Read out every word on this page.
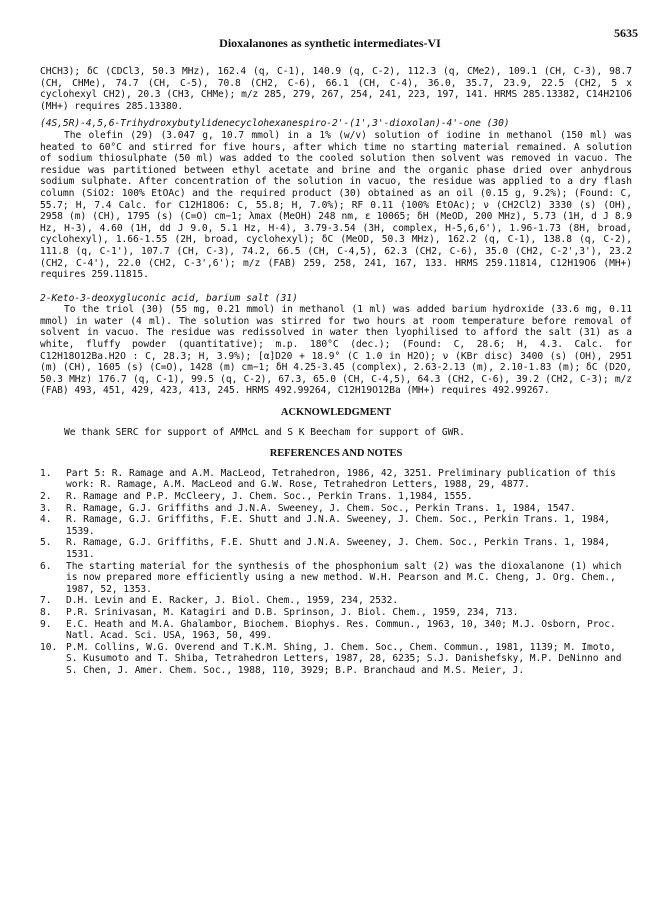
Dioxalanones as synthetic intermediates-VI
5635

CHCH3); δC (CDCl3, 50.3 MHz), 162.4 (q, C-1), 140.9 (q, C-2), 112.3 (q, CMe2), 109.1 (CH, C-3), 98.7 (CH, CHMe), 74.7 (CH, C-5), 70.8 (CH2, C-6), 66.1 (CH, C-4), 36.0, 35.7, 23.9, 22.5 (CH2, 5 x cyclohexyl CH2), 20.3 (CH3, CHMe); m/z 285, 279, 267, 254, 241, 223, 197, 141. HRMS 285.13382, C14H21O6 (MH+) requires 285.13380.

(4S,5R)-4,5,6-Trihydroxybutylidenecyclohexanespiro-2'-(1',3'-dioxolan)-4'-one (30)

The olefin (29) (3.047 g, 10.7 mmol) in a 1% (w/v) solution of iodine in methanol (150 ml) was heated to 60°C and stirred for five hours, after which time no starting material remained. A solution of sodium thiosulphate (50 ml) was added to the cooled solution then solvent was removed in vacuo. The residue was partitioned between ethyl acetate and brine and the organic phase dried over anhydrous sodium sulphate. After concentration of the solution in vacuo, the residue was applied to a dry flash column (SiO2: 100% EtOAc) and the required product (30) obtained as an oil (0.15 g, 9.2%); (Found: C, 55.7; H, 7.4 Calc. for C12H18O6: C, 55.8; H, 7.0%); RF 0.11 (100% EtOAc); ν (CH2Cl2) 3330 (s) (OH), 2958 (m) (CH), 1795 (s) (C=O) cm−1; λmax (MeOH) 248 nm, ε 10065; δH (MeOD, 200 MHz), 5.73 (1H, d J 8.9 Hz, H-3), 4.60 (1H, dd J 9.0, 5.1 Hz, H-4), 3.79-3.54 (3H, complex, H-5,6,6'), 1.96-1.73 (8H, broad, cyclohexyl), 1.66-1.55 (2H, broad, cyclohexyl); δC (MeOD, 50.3 MHz), 162.2 (q, C-1), 138.8 (q, C-2), 111.8 (q, C-1'), 107.7 (CH, C-3), 74.2, 66.5 (CH, C-4,5), 62.3 (CH2, C-6), 35.0 (CH2, C-2',3'), 23.2 (CH2, C-4'), 22.0 (CH2, C-3',6'); m/z (FAB) 259, 258, 241, 167, 133. HRMS 259.11814, C12H19O6 (MH+) requires 259.11815.

2-Keto-3-deoxygluconic acid, barium salt (31)

To the triol (30) (55 mg, 0.21 mmol) in methanol (1 ml) was added barium hydroxide (33.6 mg, 0.11 mmol) in water (4 ml). The solution was stirred for two hours at room temperature before removal of solvent in vacuo. The residue was redissolved in water then lyophilised to afford the salt (31) as a white, fluffy powder (quantitative); m.p. 180°C (dec.); (Found: C, 28.6; H, 4.3. Calc. for C12H18O12Ba.H2O : C, 28.3; H, 3.9%); [α]D20 + 18.9° (C 1.0 in H2O); ν (KBr disc) 3400 (s) (OH), 2951 (m) (CH), 1605 (s) (C=O), 1428 (m) cm−1; δH 4.25-3.45 (complex), 2.63-2.13 (m), 2.10-1.83 (m); δC (D2O, 50.3 MHz) 176.7 (q, C-1), 99.5 (q, C-2), 67.3, 65.0 (CH, C-4,5), 64.3 (CH2, C-6), 39.2 (CH2, C-3); m/z (FAB) 493, 451, 429, 423, 413, 245. HRMS 492.99264, C12H19O12Ba (MH+) requires 492.99267.

ACKNOWLEDGMENT

We thank SERC for support of AMMcL and S K Beecham for support of GWR.

REFERENCES AND NOTES
1.	Part 5: R. Ramage and A.M. MacLeod, Tetrahedron, 1986, 42, 3251. Preliminary publication of this work: R. Ramage, A.M. MacLeod and G.W. Rose, Tetrahedron Letters, 1988, 29, 4877.
2.	R. Ramage and P.P. McCleery, J. Chem. Soc., Perkin Trans. 1,1984, 1555.
3.	R. Ramage, G.J. Griffiths and J.N.A. Sweeney, J. Chem. Soc., Perkin Trans. 1, 1984, 1547.
4.	R. Ramage, G.J. Griffiths, F.E. Shutt and J.N.A. Sweeney, J. Chem. Soc., Perkin Trans. 1, 1984, 1539.
5.	R. Ramage, G.J. Griffiths, F.E. Shutt and J.N.A. Sweeney, J. Chem. Soc., Perkin Trans. 1, 1984, 1531.
6.	The starting material for the synthesis of the phosphonium salt (2) was the dioxalanone (1) which is now prepared more efficiently using a new method. W.H. Pearson and M.C. Cheng, J. Org. Chem., 1987, 52, 1353.
7.	D.H. Levin and E. Racker, J. Biol. Chem., 1959, 234, 2532.
8.	P.R. Srinivasan, M. Katagiri and D.B. Sprinson, J. Biol. Chem., 1959, 234, 713.
9.	E.C. Heath and M.A. Ghalambor, Biochem. Biophys. Res. Commun., 1963, 10, 340; M.J. Osborn, Proc. Natl. Acad. Sci. USA, 1963, 50, 499.
10. P.M. Collins, W.G. Overend and T.K.M. Shing, J. Chem. Soc., Chem. Commun., 1981, 1139; M. Imoto, S. Kusumoto and T. Shiba, Tetrahedron Letters, 1987, 28, 6235; S.J. Danishefsky, M.P. DeNinno and S. Chen, J. Amer. Chem. Soc., 1988, 110, 3929; B.P. Branchaud and M.S. Meier, J.
